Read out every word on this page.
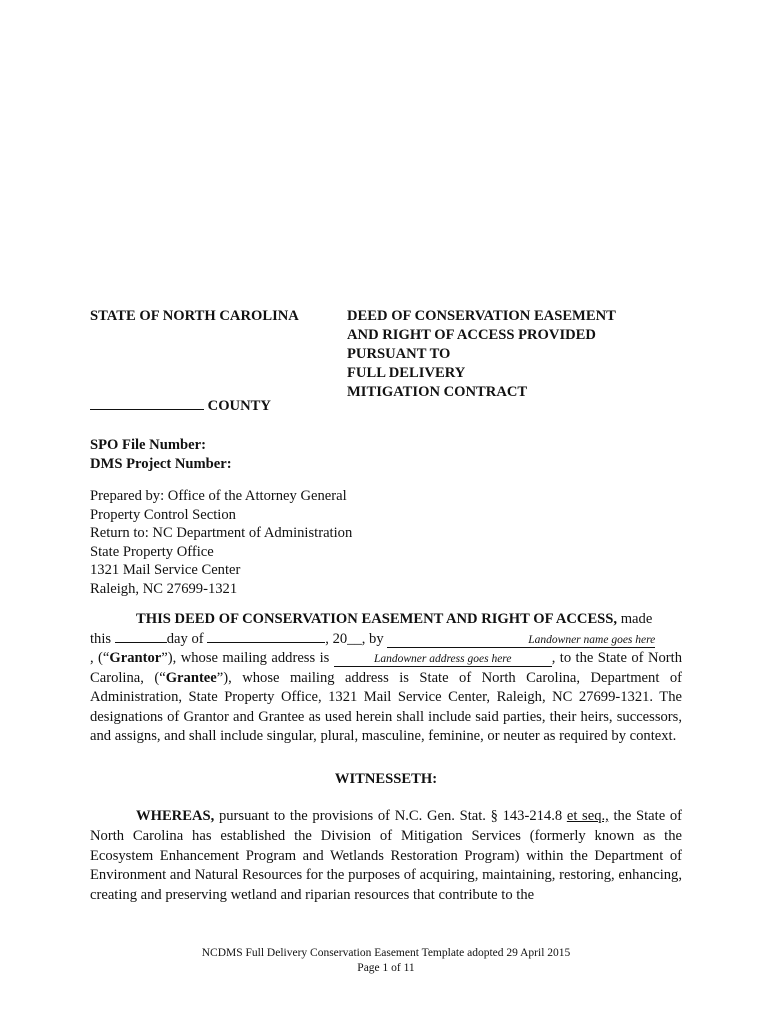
STATE OF NORTH CAROLINA	DEED OF CONSERVATION EASEMENT
AND RIGHT OF ACCESS PROVIDED
PURSUANT TO
FULL DELIVERY
MITIGATION CONTRACT
COUNTY
SPO File Number:
DMS Project Number:
Prepared by: Office of the Attorney General
Property Control Section
Return to: NC Department of Administration
State Property Office
1321 Mail Service Center
Raleigh, NC 27699-1321
THIS DEED OF CONSERVATION EASEMENT AND RIGHT OF ACCESS, made
this	day of	, 20__, by	Landowner name goes here
, (“Grantor”), whose mailing address is	Landowner address goes here	, to the State of North Carolina, (“Grantee”), whose mailing address is State of North Carolina, Department of Administration, State Property Office, 1321 Mail Service Center, Raleigh, NC 27699-1321. The designations of Grantor and Grantee as used herein shall include said parties, their heirs, successors, and assigns, and shall include singular, plural, masculine, feminine, or neuter as required by context.
WITNESSETH:
WHEREAS, pursuant to the provisions of N.C. Gen. Stat. § 143-214.8 et seq., the State of North Carolina has established the Division of Mitigation Services (formerly known as the Ecosystem Enhancement Program and Wetlands Restoration Program) within the Department of Environment and Natural Resources for the purposes of acquiring, maintaining, restoring, enhancing, creating and preserving wetland and riparian resources that contribute to the
NCDMS Full Delivery Conservation Easement Template adopted 29 April 2015
Page 1 of 11
